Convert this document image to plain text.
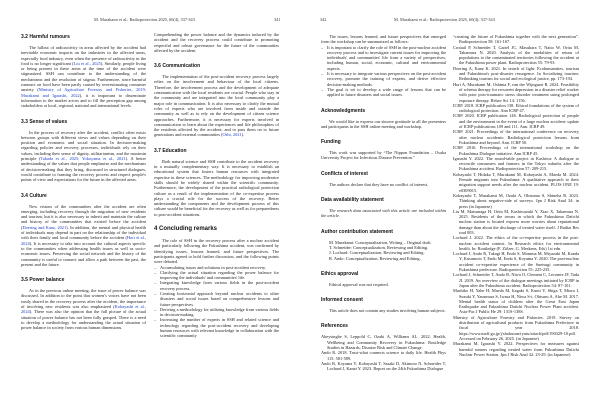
M. Murakami et al.: Radioprotection 2025, 60(4), 337-343	341
3.2 Harmful rumours

The fallout of radioactivity in areas affected by the accident had inevitable economic impacts on the industries in the affected areas, especially food industry, even when the presence of radioactivity in the food is no longer significant (Liu et al., 2025). Similarly, people living or being present in these areas at the time of the accident were stigmatized. SSH can contribute to the understanding of the mechanisms and the resolution of stigma. Furthermore, since harmful rumours on food have been partly caused by overestimating consumer anxiety (Ministry of Agriculture Forestry and Fisheries, 2019; Murakami and Igarashi, 2022), it is important to disseminate information to the market actors and to fill the perception gap among stakeholders at local, regional, national and international levels.

3.3 Sense of values

In the process of recovery after the accident, conflict often exists between groups with different views and values depending on their position and economic and social situation. In decision-making regarding policies and recovery processes, individuals rely on their values, including their sense of dignity, utilitarianism, and the maximin principle (Takada et al., 2025; Yokoyama et al., 2021). A better understanding of the values that people emphasize and the mechanisms of decision-making that they bring, discussed in structured dialogues, would contribute to framing the recovery process and respect people's points of view and expectations for the future in the affected areas.

3.4 Culture

New visions of the communities after the accident are often emerging, including recovery through the migration of new residents and tourism, but it is also necessary to inherit and maintain the culture and history of the communities that existed before the accident (Doering and Kanz, 2021). In addition, the mental and physical health of individuals may depend in part on the relationship of the individual with their family and local community before the accident (Hori et al., 2024). It is necessary to take into account the cultural aspects specific to the communities when addressing health issues as well as socio-economic issues. Preserving the social network and the history of the community is useful to connect and allow a path between the past, the present and the future.

3.5 Power balance

As in the previous online meeting, the issue of power balance was discussed. In addition to the point that women's voices have not been easily shared in the recovery process after the accident, the importance of involving new residents was also emphasized (Kobayashi et al., 2024). There was also the opinion that the full picture of the actual situation of power balance has not been fully grasped. There is a need to develop a methodology for understanding the actual situation of power balance in society from various human dimensions.

Comprehending the power balance and the dynamics induced by the accident and the recovery process could contribute to promoting respectful and robust governance for the future of the communities affected by the accident.

3.6 Communication

The implementation of the post-accident recovery process largely relies on the involvement and behaviour of the local citizens. Therefore, the involvement process and the development of adequate communication with the local residents are crucial. People who stay in the community and are integrated into the local community play a major role in communication. It is also necessary to clarify the mutual roles of experts who are involved from inside and outside the community as well as to rely on the development of citizen science approaches. Furthermore, it is necessary for experts involved in communication to learn about the experiences and life philosophies of the residents affected by the accident, and to pass them on to future generations and external communities (Oshi, 2021).

3.7 Education

Both natural science and SSH contribute to the accident recovery in a mutually complementary way. It is necessary to establish an educational system that fosters human resources with integrated expertise in these sciences. The methodology for improving moderator skills should be widely shared within the scientific community. Furthermore, the development of the practical radiological protection culture as a result of the implementation of the co-expertise process plays a crucial role for the success of the recovery. Better understanding the components and the development process of this culture would be beneficial for the recovery as well as for preparedness to post-accident situations.

4 Concluding remarks

The role of SSH in the recovery process after a nuclear accident and particularly following the Fukushima accident, was confirmed by identifying issues, lessons learned, and future perspectives. The participants agreed to hold further discussion, and the following points were debated.

– Accumulating issues and solutions in post-accident recovery.
– Clarifying the actual situation regarding the power balance for improving the individuals' and communities' life.
– Integrating knowledge from various fields in the post-accident recovery process.
– Creating horizontal approach beyond nuclear accidents to other disasters and social issues based on comprehensive lessons and future perspectives.
– Deriving a methodology for utilizing knowledge from various fields in decision-making.
– Increasing the number of experts in SSH and related science and technology regarding the post-accident recovery and developing human resources with relevant knowledge in collaboration with the scientific community
342	M. Murakami et al.: Radioprotection 2025, 60(4), 337-343

The issues, lessons learned, and future perspectives that emerged from the workshop can be summarized as follows:

– It is important to clarify the role of SSH in the post-nuclear accident recovery process and to investigate current issues for improving the individuals' and communities' life from a variety of perspectives, including human, social, economic, cultural and environmental aspects.
– It is necessary to integrate various perspectives on the post-accident recovery, promote the training of experts, and derive effective decision-making methods.
– The goal is set to develop a wide range of lessons that can be applied to future disasters and social issues.
Acknowledgments

We would like to express our sincere gratitude to all the presenters and participants in the SSH online meeting and workshop.

Funding

This work was supported by “The Nippon Foundation – Osaka University Project for Infectious Disease Prevention.”

Conflicts of interest

The authors declare that they have no conflict of interest.

Data availability statement

The research data associated with this article are included within the article.

Author contribution statement

M. Murakami: Conceptualization, Writing – Original draft.

T. Schneider: Conceptualization, Reviewing and Editing.

J. Lochard: Conceptualization, Reviewing and Editing.

R. Ando: Conceptualization, Reviewing and Editing.

Ethics approval

Ethical approval was not required.

Informed consent

This article does not contain any studies involving human subjects.

References

Abeysinghe S, Leppold C, Ozaki A, Williams AL. 2022. Health, Wellbeing and Community Recovery in Fukushima. Routledge Studies in Hazards, Disaster Risk and Climate Change.

Ando R. 2018. Trust-what connects science to daily life. Health Phys 115: 581-589.

Ando R, Koyama Y, Kobayashi T, Sasaki D, Akimoto N, Schneider T, Lochard J, Kanai Y. 2023. Report on the 24th Fukushima Dialogue

“creating the future of Fukushima together with the next generation”. Radioprotection 58: 161-167.

Croüail P, Schneider T, Gariel JC, Masuhara T, Naito W, Orita M, Takamura N. 2020. Analysis of the modalities of return of populations to the contaminated territories following the accident at the Fukushima power plant. Radioprotection 55: 79-93.

Doering A, Kanz K. 2021. In search of light: Ecohumanities, tourism and Fukushima's post-disaster resurgence. In Socializing tourism: Rethinking tourism for social and ecological justice, pp. 173-194.

Hori A, Murakami M, Oshima F, van der Wijngaart R. 2024. Feasibility of schema therapy for recurrent depression in a disaster relief worker with prior post-traumatic stress disorder treatment using prolonged exposure therapy. Behav Sci 14: 1156.

ICRP. 2018. ICRP publication 138. Ethical foundations of the system of radiological protection. Ann ICRP 47.

ICRP. 2020. ICRP publication 146. Radiological protection of people and the environment in the event of a large nuclear accident: update of ICRP publications 109 and 111. Ann. ICRP 49.

ICRP. 2021. Proceedings of the international conference on recovery after nuclear accidents: Radiological protection lessons from Fukushima and beyond. Ann. ICRP 50.

ICRP. 2016. Proceedings of the international workshop on the Fukushima Dialogue initiative. Ann ICRP 45.

Igarashi Y. 2022. The round-table project in Kashiwa: A dialogue to reconcile consumers and farmers in the Tokyo suburbs after the Fukushima accident. Radioprotection 57: 209-215.

Kobayashi T, Hidaka T, Murakami M, Kobayashi A, Maeda M. 2024. Female migrants into Fukushima: A qualitative approach to their migration support needs after the nuclear accident. PLOS ONE 19: e0309015.

Kobayashi T, Murakami M, Ozaki A, Ohtsuma S, Shineha R. 2023. Thinking about negative-side of surveys. Jpn J Risk Anal 34: in press (in Japanese)

Liu M, Matsunaga H, Orita M, Kashiwazaki Y, Xiao X, Takamura N. 2025. Residents of the towns in which the Fukushima Daiichi nuclear station is located express more worries about reputational damage than about the discharge of treated water itself. J Radiat Res rrad 003.

Lochard J. 2022. The ethics of the co-expertise process in the post-nuclear accident context. In Research ethics for environmental health. In: Routledge (F. Zölzer, G. Meskens, Eds) 1st edn.

Lochard J, Ando R, Takagi H, Endo S, Momma M, Miyazaki M, Kanda Y, Kusumoto T, Endo M, Endo S, Koyama Y. 2020. The post-nuclear accident co-expertise experience of the Suetsugi community in Fukushima prefecture. Radioprotection 55: 225-235.

Lochard J, Schneider T, Ando R, Niwa O, Clement C, Lecomte JF, Tada JI. 2019. An overview of the dialogue meetings initiated by ICRP in Japan after the Fukushima accident. Radioprotection 54: 87-101.

Mashiko H, Yabe H, Maeda M, Itagaki S, Kunii Y, Shiga T, Miura I, Suzuki Y, Yasumura S, Iwasa H, Niwa S-i, Ohtsuru A, Abe M. 2017. Mental health status of children after the Great East Japan Earthquake and Fukushima Daiichi Nuclear Power Plant accident. Asia-Pac J Public He 29: 131S-138S.

Ministry of Agriculture Forestry and Fisheries. 2019. Survey on distribution of agricultural products from Fukushima Prefecture in fiscal year 2018. https://www.maff.go.jp/j/shokusan/ryutu/attach/pdf/190329-10.pdf. Accessed on February 26, 2025. (in Japanese)

Murakami M, Igarashi Y. 2022. Perspectives for measures against harmful rumors regarding treated water from Fukushima Daiichi Nuclear Power Station. Jpn J Risk Anal 32: 23-29. (in Japanese)
